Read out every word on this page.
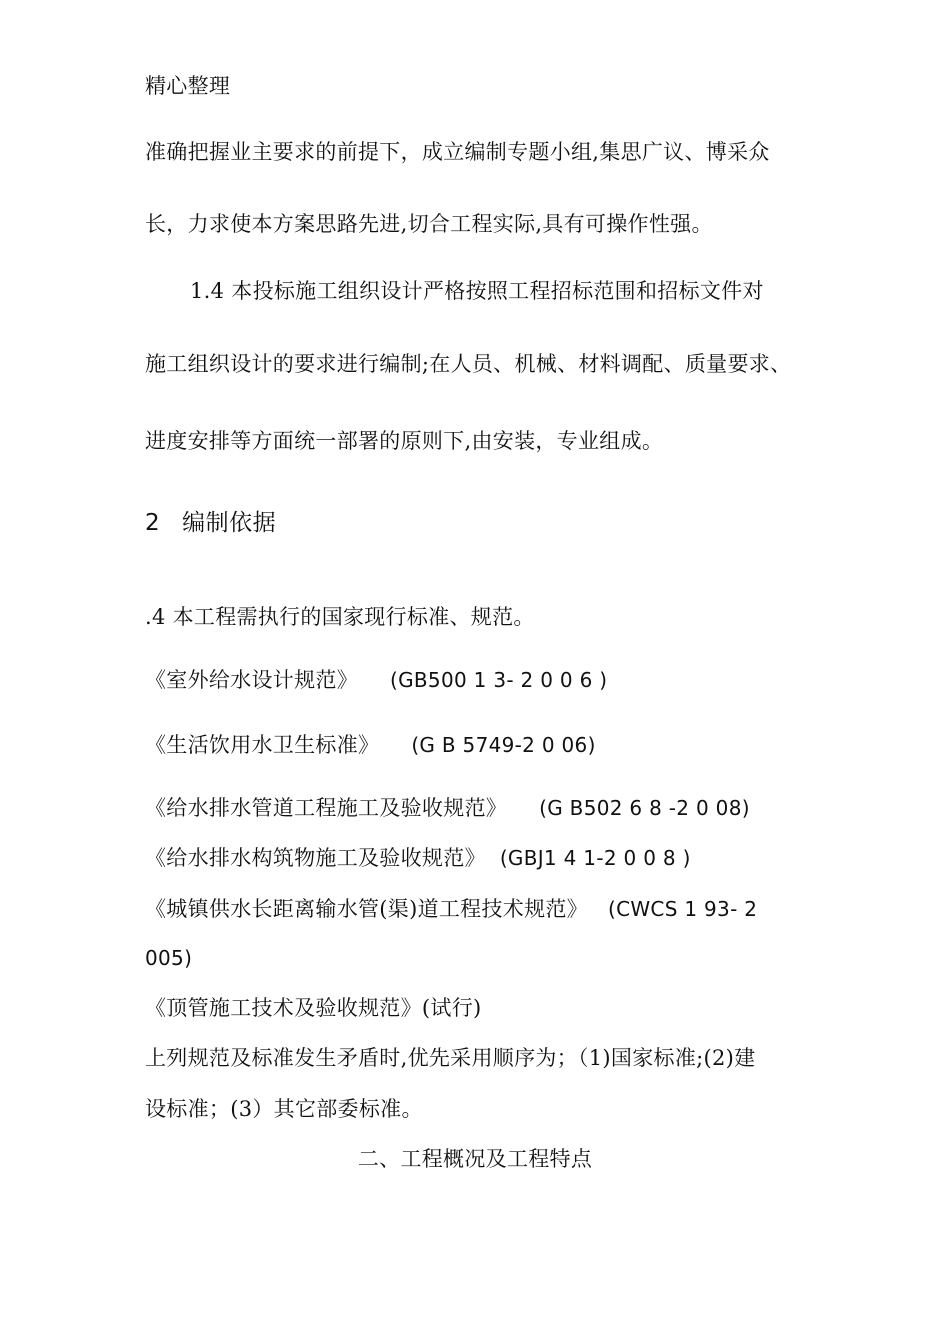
精心整理
准确把握业主要求的前提下，成立编制专题小组,集思广议、博采众
长，力求使本方案思路先进,切合工程实际,具有可操作性强。
1.4 本投标施工组织设计严格按照工程招标范围和招标文件对
施工组织设计的要求进行编制;在人员、机械、材料调配、质量要求、
进度安排等方面统一部署的原则下,由安装，专业组成。
2 编制依据
.4 本工程需执行的国家现行标准、规范。
《室外给水设计规范》 (GB500 1 3- 2 0 0 6 )
《生活饮用水卫生标准》 (G B 5749-2 0 06)
《给水排水管道工程施工及验收规范》 (G B502 6 8 -2 0 08)
《给水排水构筑物施工及验收规范》 (GBJ1 4 1-2 0 0 8 )
《城镇供水长距离输水管(渠)道工程技术规范》 (CWCS 1 93- 2
005)
《顶管施工技术及验收规范》(试行)
上列规范及标准发生矛盾时,优先采用顺序为；（1)国家标准;(2)建
设标准；(3）其它部委标准。
二、工程概况及工程特点
